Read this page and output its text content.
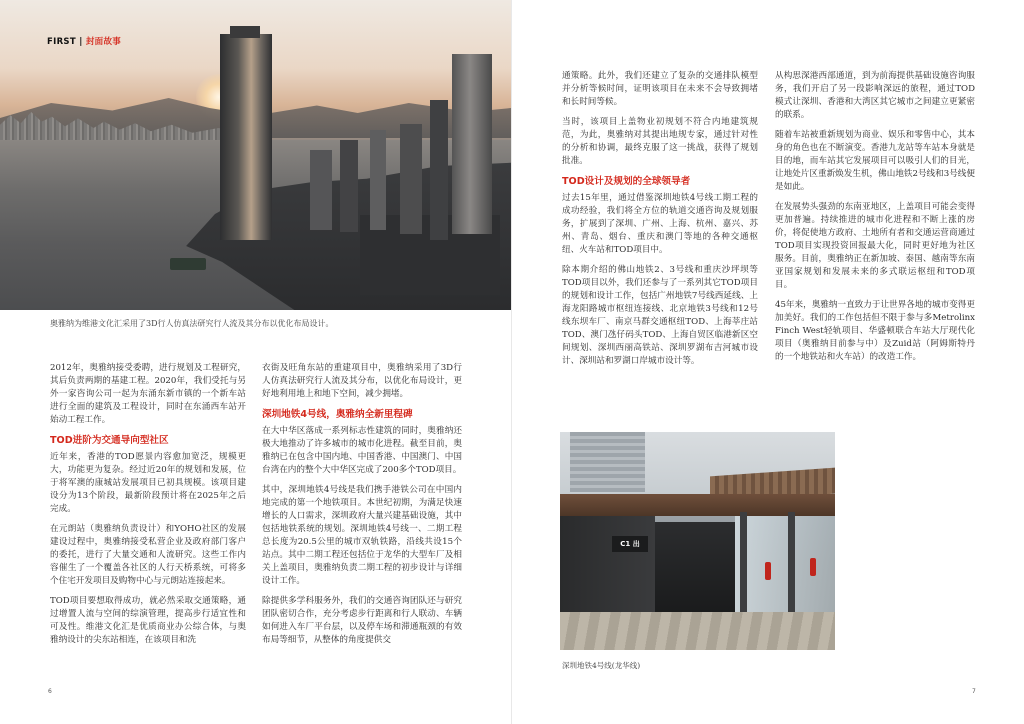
FIRST | 封面故事
奥雅纳为维港文化汇采用了3D行人仿真法研究行人流及其分布以优化布局设计。

2012年，奥雅纳接受委聘，进行规划及工程研究，其后负责两期的基建工程。2020年，我们受托与另外一家咨询公司一起为东涌东新市镇的一个新车站进行全面的建筑及工程设计，同时在东涌西车站开始动工程工作。

TOD进阶为交通导向型社区

近年来，香港的TOD愿景内容愈加宽泛，规模更大，功能更为复杂。经过近20年的规划和发展，位于将军澳的康城站发展项目已初具规模。该项目建设分为13个阶段，最新阶段预计将在2025年之后完成。

在元朗站（奥雅纳负责设计）和YOHO社区的发展建设过程中，奥雅纳接受私营企业及政府部门客户的委托，进行了大量交通和人流研究。这些工作内容催生了一个覆盖各社区的人行天桥系统，可将多个住宅开发项目及购物中心与元朗站连接起来。

TOD项目要想取得成功，就必然采取交通策略，通过增置人流与空间的综演管理，提高步行适宜性和可及性。维港文化汇是优质商业办公综合体，与奥雅纳设计的尖东站相连，在该项目和洗

衣街及旺角东站的重建项目中，奥雅纳采用了3D行人仿真法研究行人流及其分布，以优化布局设计，更好地利用地上和地下空间，减少拥堵。

深圳地铁4号线，奥雅纳全新里程碑

在大中华区落成一系列标志性建筑的同时，奥雅纳还极大地推动了许多城市的城市化进程。截至目前，奥雅纳已在包含中国内地、中国香港、中国澳门、中国台湾在内的整个大中华区完成了200多个TOD项目。

其中，深圳地铁4号线是我们携手港铁公司在中国内地完成的第一个地铁项目。本世纪初期，为满足快速增长的人口需求，深圳政府大量兴建基础设施，其中包括地铁系统的规划。深圳地铁4号线一、二期工程总长度为20.5公里的城市双轨铁路，沿线共设15个站点。其中二期工程还包括位于龙华的大型车厂及相关上盖项目，奥雅纳负责二期工程的初步设计与详细设计工作。

除提供多学科服务外，我们的交通咨询团队还与研究团队密切合作，充分考虑步行距离和行人联动、车辆如何进入车厂平台层，以及停车场和滞通瓶颈的有效布局等细节，从整体的角度提供交

6

通策略。此外，我们还建立了复杂的交通排队模型并分析等候时间，证明该项目在未来不会导致拥堵和长时间等候。

当时，该项目上盖物业初规划不符合内地建筑规范，为此，奥雅纳对其提出地规专家，通过针对性的分析和协调，最终克服了这一挑战，获得了规划批准。

TOD设计及规划的全球领导者

过去15年里，通过借鉴深圳地铁4号线工期工程的成功经验，我们将全方位的轨道交通咨询及规划服务，扩展到了深圳、广州、上海、杭州、嘉兴、苏州、青岛、烟台、重庆和澳门等地的各种交通枢纽、火车站和TOD项目中。

除本期介绍的佛山地铁2、3号线和重庆沙坪坝等TOD项目以外，我们还参与了一系列其它TOD项目的规划和设计工作，包括广州地铁7号线西延线、上海龙阳路城市枢纽连接线、北京地铁3号线和12号线东坝车厂、南京马群交通枢纽TOD、上海莘庄站TOD、澳门氹仔码头TOD、上海自贸区临港新区空间规划、深圳西丽高铁站、深圳罗湖布吉河城市设计、深圳站和罗湖口岸城市设计等。

从构思深港西部通道，到为前海提供基础设施咨询服务，我们开启了另一段影响深远的旅程，通过TOD模式让深圳、香港和大湾区其它城市之间建立更紧密的联系。

随着车站被重新规划为商业、娱乐和零售中心，其本身的角色也在不断演变。香港九龙站等车站本身就是目的地，而车站其它发展项目可以吸引人们的目光，让地处片区重新焕发生机，佛山地铁2号线和3号线便是如此。

在发展势头强劲的东南亚地区，上盖项目可能会变得更加普遍。持续推进的城市化进程和不断上涨的房价，将促使地方政府、土地所有者和交通运营商通过TOD项目实现投资回报最大化，同时更好地为社区服务。目前，奥雅纳正在新加坡、泰国、越南等东南亚国家规划和发展未来的多式联运枢纽和TOD项目。

45年来，奥雅纳一直致力于让世界各地的城市变得更加美好。我们的工作包括但不限于参与多Metrolinx Finch West轻轨项目、华盛顿联合车站大厅现代化项目（奥雅纳目前参与中）及Zuid站（阿姆斯特丹的一个地铁站和火车站）的改造工作。

C1 出
深圳地铁4号线(龙华线)
7
